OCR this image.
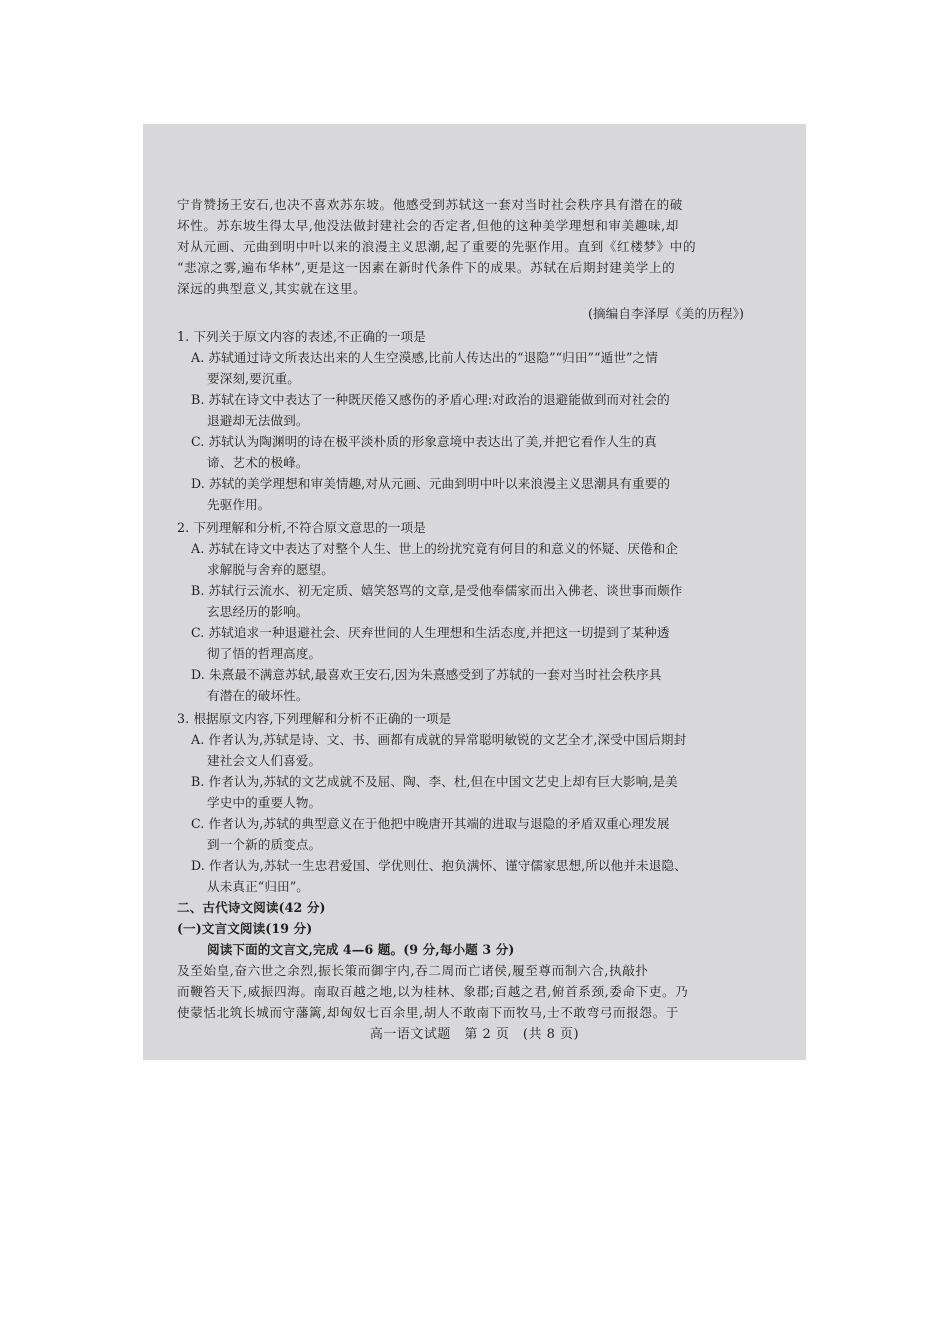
宁肯赞扬王安石,也决不喜欢苏东坡。他感受到苏轼这一套对当时社会秩序具有潜在的破
坏性。苏东坡生得太早,他没法做封建社会的否定者,但他的这种美学理想和审美趣味,却
对从元画、元曲到明中叶以来的浪漫主义思潮,起了重要的先驱作用。直到《红楼梦》中的
“悲凉之雾,遍布华林”,更是这一因素在新时代条件下的成果。苏轼在后期封建美学上的
深远的典型意义,其实就在这里。
(摘编自李泽厚《美的历程》)
1. 下列关于原文内容的表述,不正确的一项是
A. 苏轼通过诗文所表达出来的人生空漠感,比前人传达出的“退隐”“归田”“遁世”之情
要深刻,要沉重。
B. 苏轼在诗文中表达了一种既厌倦又感伤的矛盾心理:对政治的退避能做到而对社会的
退避却无法做到。
C. 苏轼认为陶渊明的诗在极平淡朴质的形象意境中表达出了美,并把它看作人生的真
谛、艺术的极峰。
D. 苏轼的美学理想和审美情趣,对从元画、元曲到明中叶以来浪漫主义思潮具有重要的
先驱作用。
2. 下列理解和分析,不符合原文意思的一项是
A. 苏轼在诗文中表达了对整个人生、世上的纷扰究竟有何目的和意义的怀疑、厌倦和企
求解脱与舍弃的愿望。
B. 苏轼行云流水、初无定质、嬉笑怒骂的文章,是受他奉儒家而出入佛老、谈世事而颇作
玄思经历的影响。
C. 苏轼追求一种退避社会、厌弃世间的人生理想和生活态度,并把这一切提到了某种透
彻了悟的哲理高度。
D. 朱熹最不满意苏轼,最喜欢王安石,因为朱熹感受到了苏轼的一套对当时社会秩序具
有潜在的破坏性。
3. 根据原文内容,下列理解和分析不正确的一项是
A. 作者认为,苏轼是诗、文、书、画都有成就的异常聪明敏锐的文艺全才,深受中国后期封
建社会文人们喜爱。
B. 作者认为,苏轼的文艺成就不及屈、陶、李、杜,但在中国文艺史上却有巨大影响,是美
学史中的重要人物。
C. 作者认为,苏轼的典型意义在于他把中晚唐开其端的进取与退隐的矛盾双重心理发展
到一个新的质变点。
D. 作者认为,苏轼一生忠君爱国、学优则仕、抱负满怀、谨守儒家思想,所以他并未退隐、
从未真正“归田”。
二、古代诗文阅读(42 分)
(一)文言文阅读(19 分)
阅读下面的文言文,完成 4—6 题。(9 分,每小题 3 分)
及至始皇,奋六世之余烈,振长策而御宇内,吞二周而亡诸侯,履至尊而制六合,执敲扑
而鞭笞天下,威振四海。南取百越之地,以为桂林、象郡;百越之君,俯首系颈,委命下吏。乃
使蒙恬北筑长城而守藩篱,却匈奴七百余里,胡人不敢南下而牧马,士不敢弯弓而报怨。于
高一语文试题　第 2 页　(共 8 页)
